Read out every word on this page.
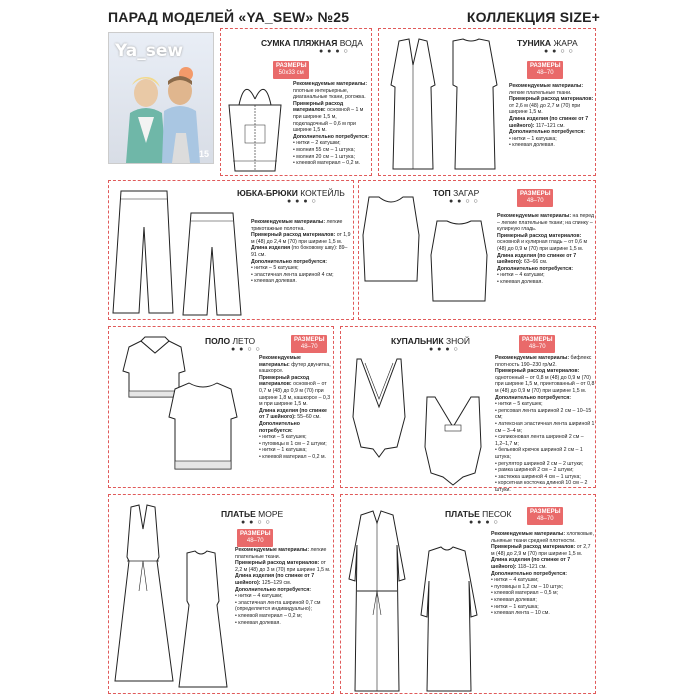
ПАРАД МОДЕЛЕЙ «YA_SEW» №25	КОЛЛЕКЦИЯ SIZE+
Ya_sew
15
СУМКА ПЛЯЖНАЯ ВОДА
● ● ● ○
РАЗМЕРЫ
50х33 см

Рекомендуемые материалы: плотные интерьерные, диаганальные ткани, рогожка.

Примерный расход материалов: основной – 1 м при ширине 1,5 м, подкладочный – 0,6 м при ширине 1,5 м.

Дополнительно потребуется:

• нитки – 2 катушки;

• молния 55 см – 1 штука;

• молния 20 см – 1 штука;

• клеевой материал – 0,2 м.

ТУНИКА ЖАРА
● ● ○ ○
РАЗМЕРЫ
48–70

Рекомендуемые материалы: легкие плательные ткани.

Примерный расход материалов: от 2,6 м (48) до 2,7 м (70) при ширине 1,5 м.

Длина изделия (по спинке от 7 шейного): 117–121 см.

Дополнительно потребуется:

• нитки – 1 катушка;

• клеевая долевая.

ЮБКА-БРЮКИ КОКТЕЙЛЬ
● ● ● ○

Рекомендуемые материалы: легкие трикотажные полотна.

Примерный расход материалов: от 1,9 м (48) до 2,4 м (70) при ширине 1,5 м.

Длина изделия (по боковому шву): 89–91 см.

Дополнительно потребуется:

• нитки – 5 катушек;

• эластичная лента шириной 4 см;

• клеевая долевая.

ТОП ЗАГАР
● ● ○ ○
РАЗМЕРЫ
48–70

Рекомендуемые материалы: на перед – легкие плательные ткани; на спинку – кулирную гладь.

Примерный расход материалов: основной и кулирная гладь – от 0,6 м (48) до 0,9 м (70) при ширине 1,5 м.

Длина изделия (по спинке от 7 шейного): 63–66 см.

Дополнительно потребуется:

• нитки – 4 катушки;

• клеевая долевая.

ПОЛО ЛЕТО
● ● ○ ○
РАЗМЕРЫ
48–70

Рекомендуемые материалы: футер двунитка, кашкорсе.

Примерный расход материалов: основной – от 0,7 м (48) до 0,9 м (70) при ширине 1,8 м, кашкорсе – 0,3 м при ширине 1,5 м.

Длина изделия (по спинке от 7 шейного): 55–60 см.

Дополнительно потребуется:

• нитки – 5 катушек;

• пуговицы в 1 см – 2 штуки;

• нитки – 1 катушка;

• клеевой материал – 0,2 м.

КУПАЛЬНИК ЗНОЙ
● ● ● ○
РАЗМЕРЫ
48–70

Рекомендуемые материалы: бифлекс плотность 190–230 гр/м2.

Примерный расход материалов: однотонный – от 0,8 м (48) до 0,9 м (70) при ширине 1,5 м, принтованный – от 0,8 м (48) до 0,9 м (70) при ширине 1,5 м.

Дополнительно потребуется:

• нитки – 5 катушек;

• репсовая лента шириной 2 см – 10–15 см;

• латексная эластичная лента шириной 1 см – 3–4 м;

• силиконовая лента шириной 2 см – 1,2–1,7 м;

• бельевой крючок шириной 2 см – 1 штука;

• регулятор шириной 2 см – 2 штуки;

• рамка шириной 2 см – 2 штуки;

• застежка шириной 4 см – 1 штука;

• корсетная косточка длиной 10 см – 2 штуки.

ПЛАТЬЕ МОРЕ
● ● ○ ○
РАЗМЕРЫ
48–70

Рекомендуемые материалы: легкие плательные ткани.

Примерный расход материалов: от 2,2 м (48) до 3 м (70) при ширине 1,5 м.

Длина изделия (по спинке от 7 шейного): 125–129 см.

Дополнительно потребуется:

• нитки – 4 катушки;

• эластичная лента шириной 0,7 см (определяется индивидуально);

• клеевой материал – 0,2 м;

• клеевая долевая.

ПЛАТЬЕ ПЕСОК
● ● ● ○
РАЗМЕРЫ
48–70

Рекомендуемые материалы: хлопковые, льняные ткани средней плотности.

Примерный расход материалов: от 2,7 м (48) до 2,9 м (70) при ширине 1,5 м.

Длина изделия (по спинке от 7 шейного): 118–121 см.

Дополнительно потребуется:

• нитки – 4 катушки;

• пуговицы в 1,2 см – 10 штук;

• клеевой материал – 0,5 м;

• клеевая долевая;

• нитки – 1 катушка;

• клеевая лента – 10 см.
